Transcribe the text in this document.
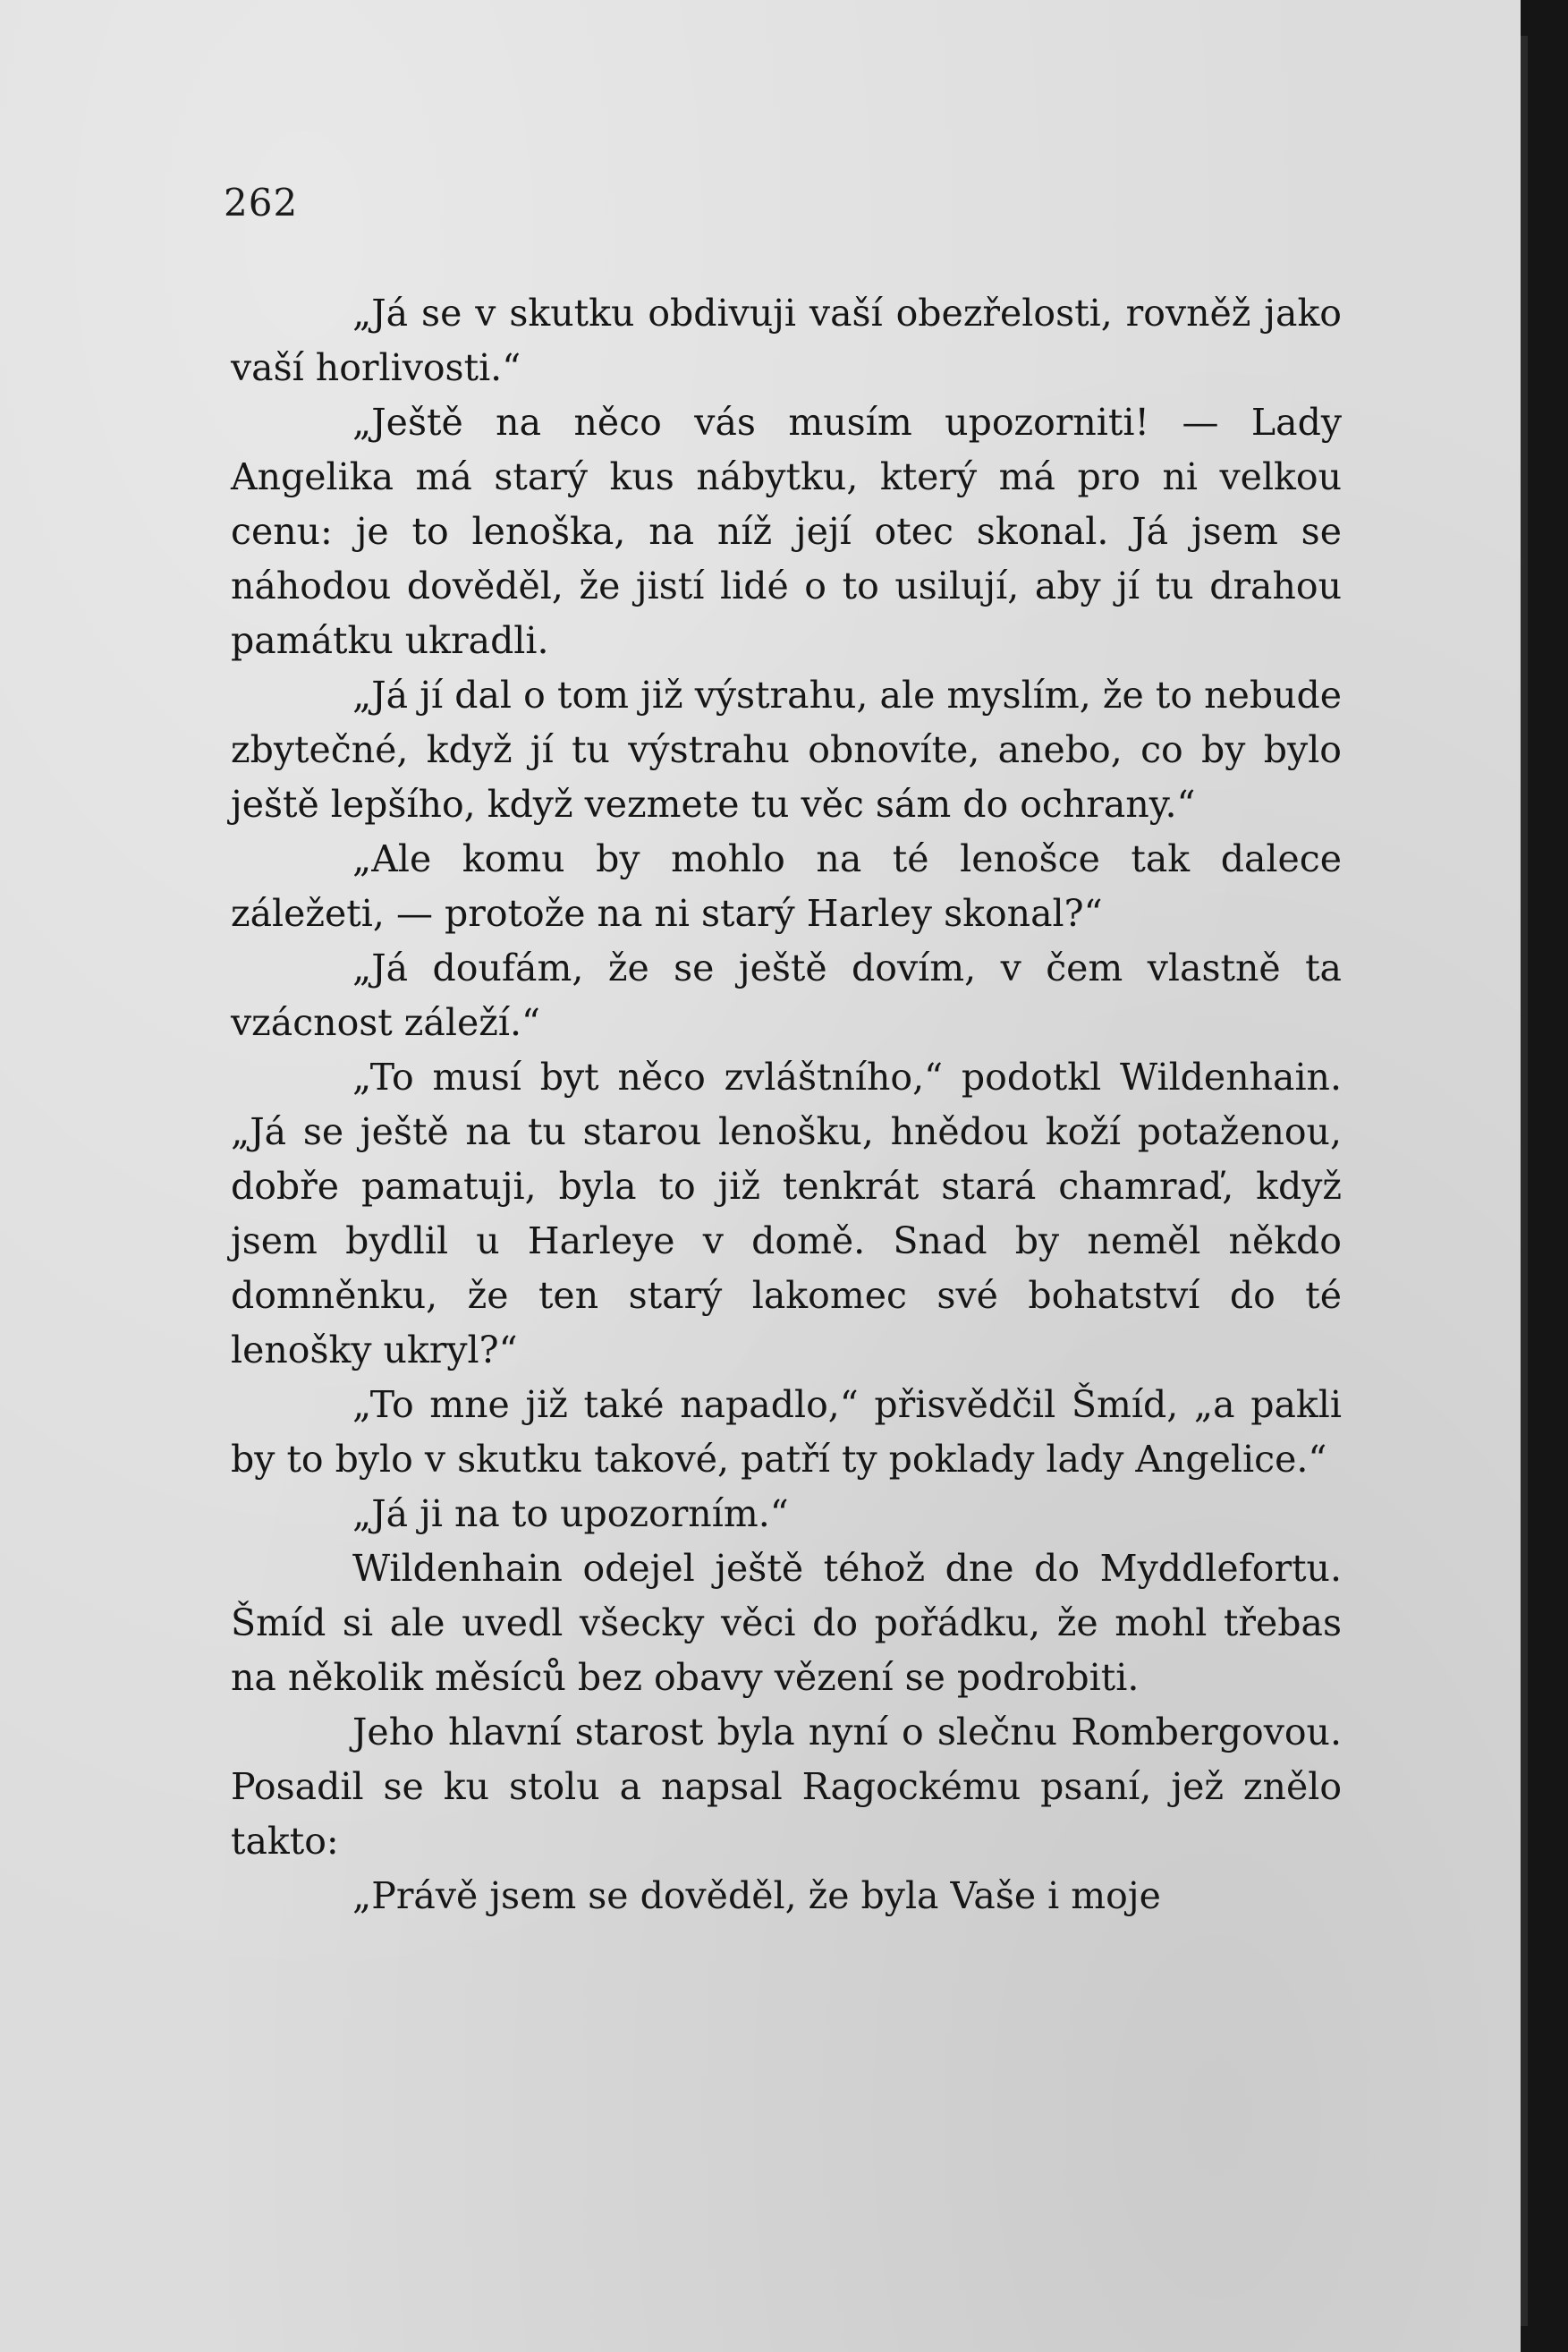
262

„Já se v skutku obdivuji vaší obezřelosti, rovněž jako vaší horlivosti.“

„Ještě na něco vás musím upozorniti! — Lady Angelika má starý kus nábytku, který má pro ni velkou cenu: je to lenoška, na níž její otec skonal. Já jsem se náhodou dověděl, že jistí lidé o to usilují, aby jí tu drahou památku ukradli.

„Já jí dal o tom již výstrahu, ale myslím, že to nebude zbytečné, když jí tu výstrahu obnovíte, anebo, co by bylo ještě lepšího, když vezmete tu věc sám do ochrany.“

„Ale komu by mohlo na té lenošce tak dalece záležeti, — protože na ni starý Harley skonal?“

„Já doufám, že se ještě dovím, v čem vlastně ta vzácnost záleží.“

„To musí byt něco zvláštního,“ podotkl Wildenhain. „Já se ještě na tu starou lenošku, hnědou koží potaženou, dobře pamatuji, byla to již tenkrát stará chamraď, když jsem bydlil u Harleye v domě. Snad by neměl někdo domněnku, že ten starý lakomec své bohatství do té lenošky ukryl?“

„To mne již také napadlo,“ přisvědčil Šmíd, „a pakli by to bylo v skutku takové, patří ty poklady lady Angelice.“

„Já ji na to upozorním.“

Wildenhain odejel ještě téhož dne do Myddlefortu. Šmíd si ale uvedl všecky věci do pořádku, že mohl třebas na několik měsíců bez obavy vězení se podrobiti.

Jeho hlavní starost byla nyní o slečnu Rombergovou. Posadil se ku stolu a napsal Ragockému psaní, jež znělo takto:

„Právě jsem se dověděl, že byla Vaše i moje
